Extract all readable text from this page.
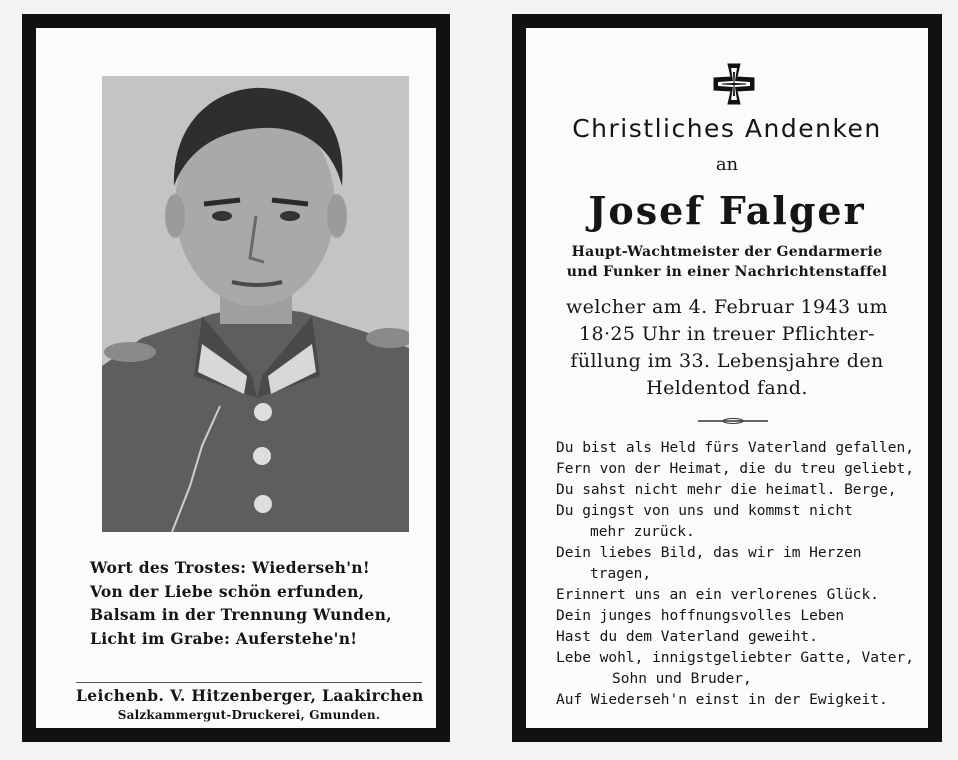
Wort des Trostes: Wiederseh'n!
Von der Liebe schön erfunden,
Balsam in der Trennung Wunden,
Licht im Grabe: Auferstehe'n!
Leichenb. V. Hitzenberger, Laakirchen
Salzkammergut-Druckerei, Gmunden.
Christliches Andenken
an
Josef Falger
Haupt-Wachtmeister der Gendarmerie
und Funker in einer Nachrichtenstaffel
welcher am 4. Februar 1943 um
18·25 Uhr in treuer Pflichter-
füllung im 33. Lebensjahre den
Heldentod fand.
Du bist als Held fürs Vaterland gefallen,
Fern von der Heimat, die du treu geliebt,
Du sahst nicht mehr die heimatl. Berge,
Du gingst von uns und kommst nicht
mehr zurück.
Dein liebes Bild, das wir im Herzen
tragen,
Erinnert uns an ein verlorenes Glück.
Dein junges hoffnungsvolles Leben
Hast du dem Vaterland geweiht.
Lebe wohl, innigstgeliebter Gatte, Vater,
Sohn und Bruder,
Auf Wiederseh'n einst in der Ewigkeit.
